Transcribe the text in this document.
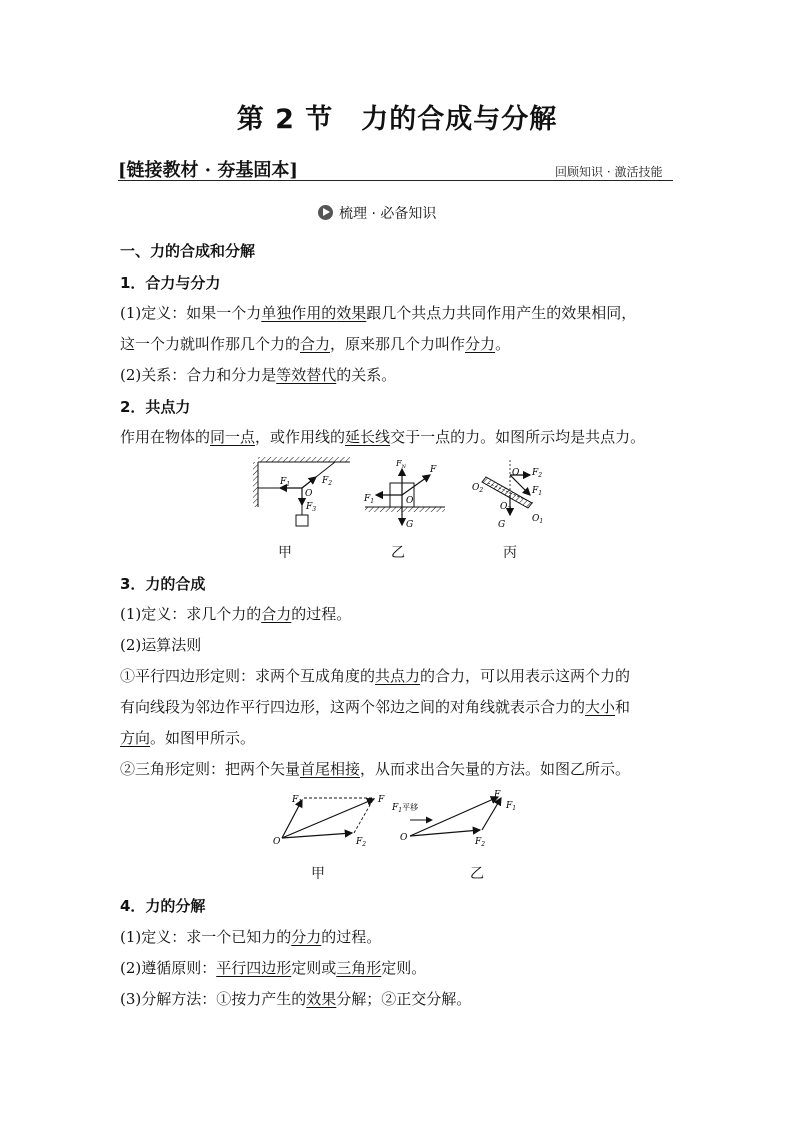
第 2 节　力的合成与分解
[链接教材 · 夯基固本]	回顾知识 · 激活技能
梳理 · 必备知识
一、力的合成和分解
1．合力与分力
(1)定义：如果一个力单独作用的效果跟几个共点力共同作用产生的效果相同，
这一个力就叫作那几个力的合力，原来那几个力叫作分力。
(2)关系：合力和分力是等效替代的关系。
2．共点力
作用在物体的同一点，或作用线的延长线交于一点的力。如图所示均是共点力。
$F_1$	$F_2$
$F_3$
O
$F_N$	F
$F_1$	O
G
O $F_2$
$F_1$
$O_2$
$O_3$
$O_1$
G
甲	乙	丙
3．力的合成
(1)定义：求几个力的合力的过程。
(2)运算法则
①平行四边形定则：求两个互成角度的共点力的合力，可以用表示这两个力的
有向线段为邻边作平行四边形，这两个邻边之间的对角线就表示合力的大小和
方向。如图甲所示。
②三角形定则：把两个矢量首尾相接，从而求出合矢量的方法。如图乙所示。
$F_1$	F
O	$F_2$
$F_1$平移
F
$F_1$
O	$F_2$
甲	乙
4．力的分解
(1)定义：求一个已知力的分力的过程。
(2)遵循原则：平行四边形定则或三角形定则。
(3)分解方法：①按力产生的效果分解；②正交分解。
